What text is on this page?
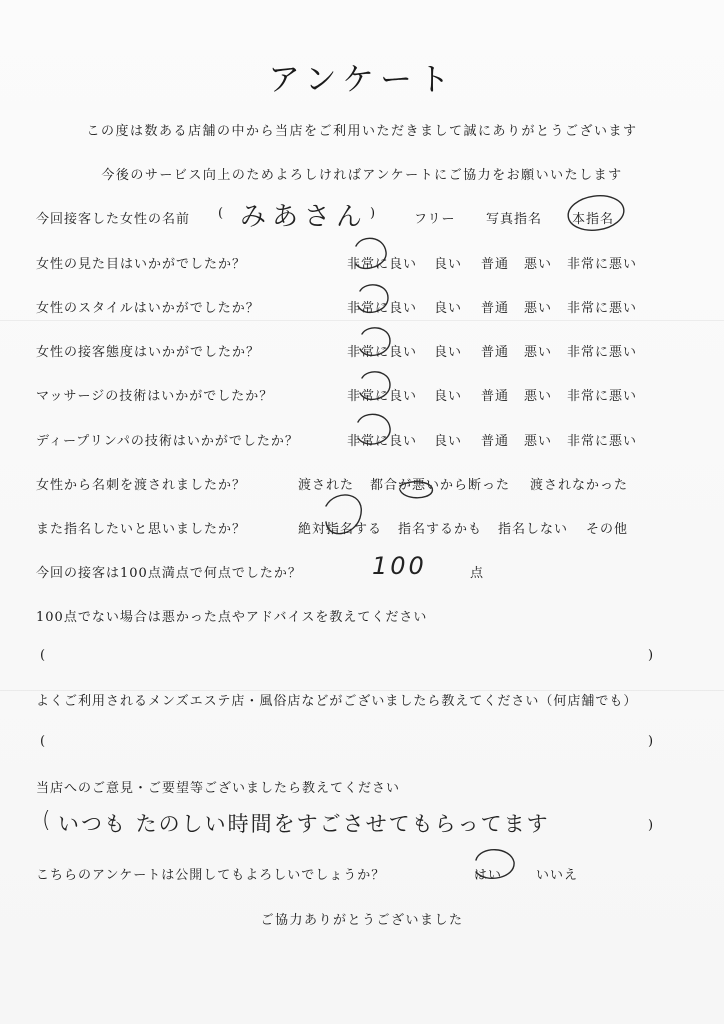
アンケート
この度は数ある店舗の中から当店をご利用いただきまして誠にありがとうございます
今後のサービス向上のためよろしければアンケートにご協力をお願いいたします
今回接客した女性の名前 ( みあさん )	フリー 写真指名 本指名
女性の見た目はいかがでしたか？	非常に良い 良い 普通 悪い 非常に悪い
女性のスタイルはいかがでしたか？	非常に良い 良い 普通 悪い 非常に悪い
女性の接客態度はいかがでしたか？	非常に良い 良い 普通 悪い 非常に悪い
マッサージの技術はいかがでしたか？	非常に良い 良い 普通 悪い 非常に悪い
ディープリンパの技術はいかがでしたか？	非常に良い 良い 普通 悪い 非常に悪い
女性から名刺を渡されましたか？	渡された 都合が悪いから断った 渡されなかった
また指名したいと思いましたか？	絶対指名する 指名するかも 指名しない その他
今回の接客は100点満点で何点でしたか？	100	点
100点でない場合は悪かった点やアドバイスを教えてください
(	)
よくご利用されるメンズエステ店・風俗店などがございましたら教えてください（何店舗でも）
(	)
当店へのご意見・ご要望等ございましたら教えてください
( いつも たのしい時間をすごさせてもらってます	)
こちらのアンケートは公開してもよろしいでしょうか？	はい	いいえ
ご協力ありがとうございました
